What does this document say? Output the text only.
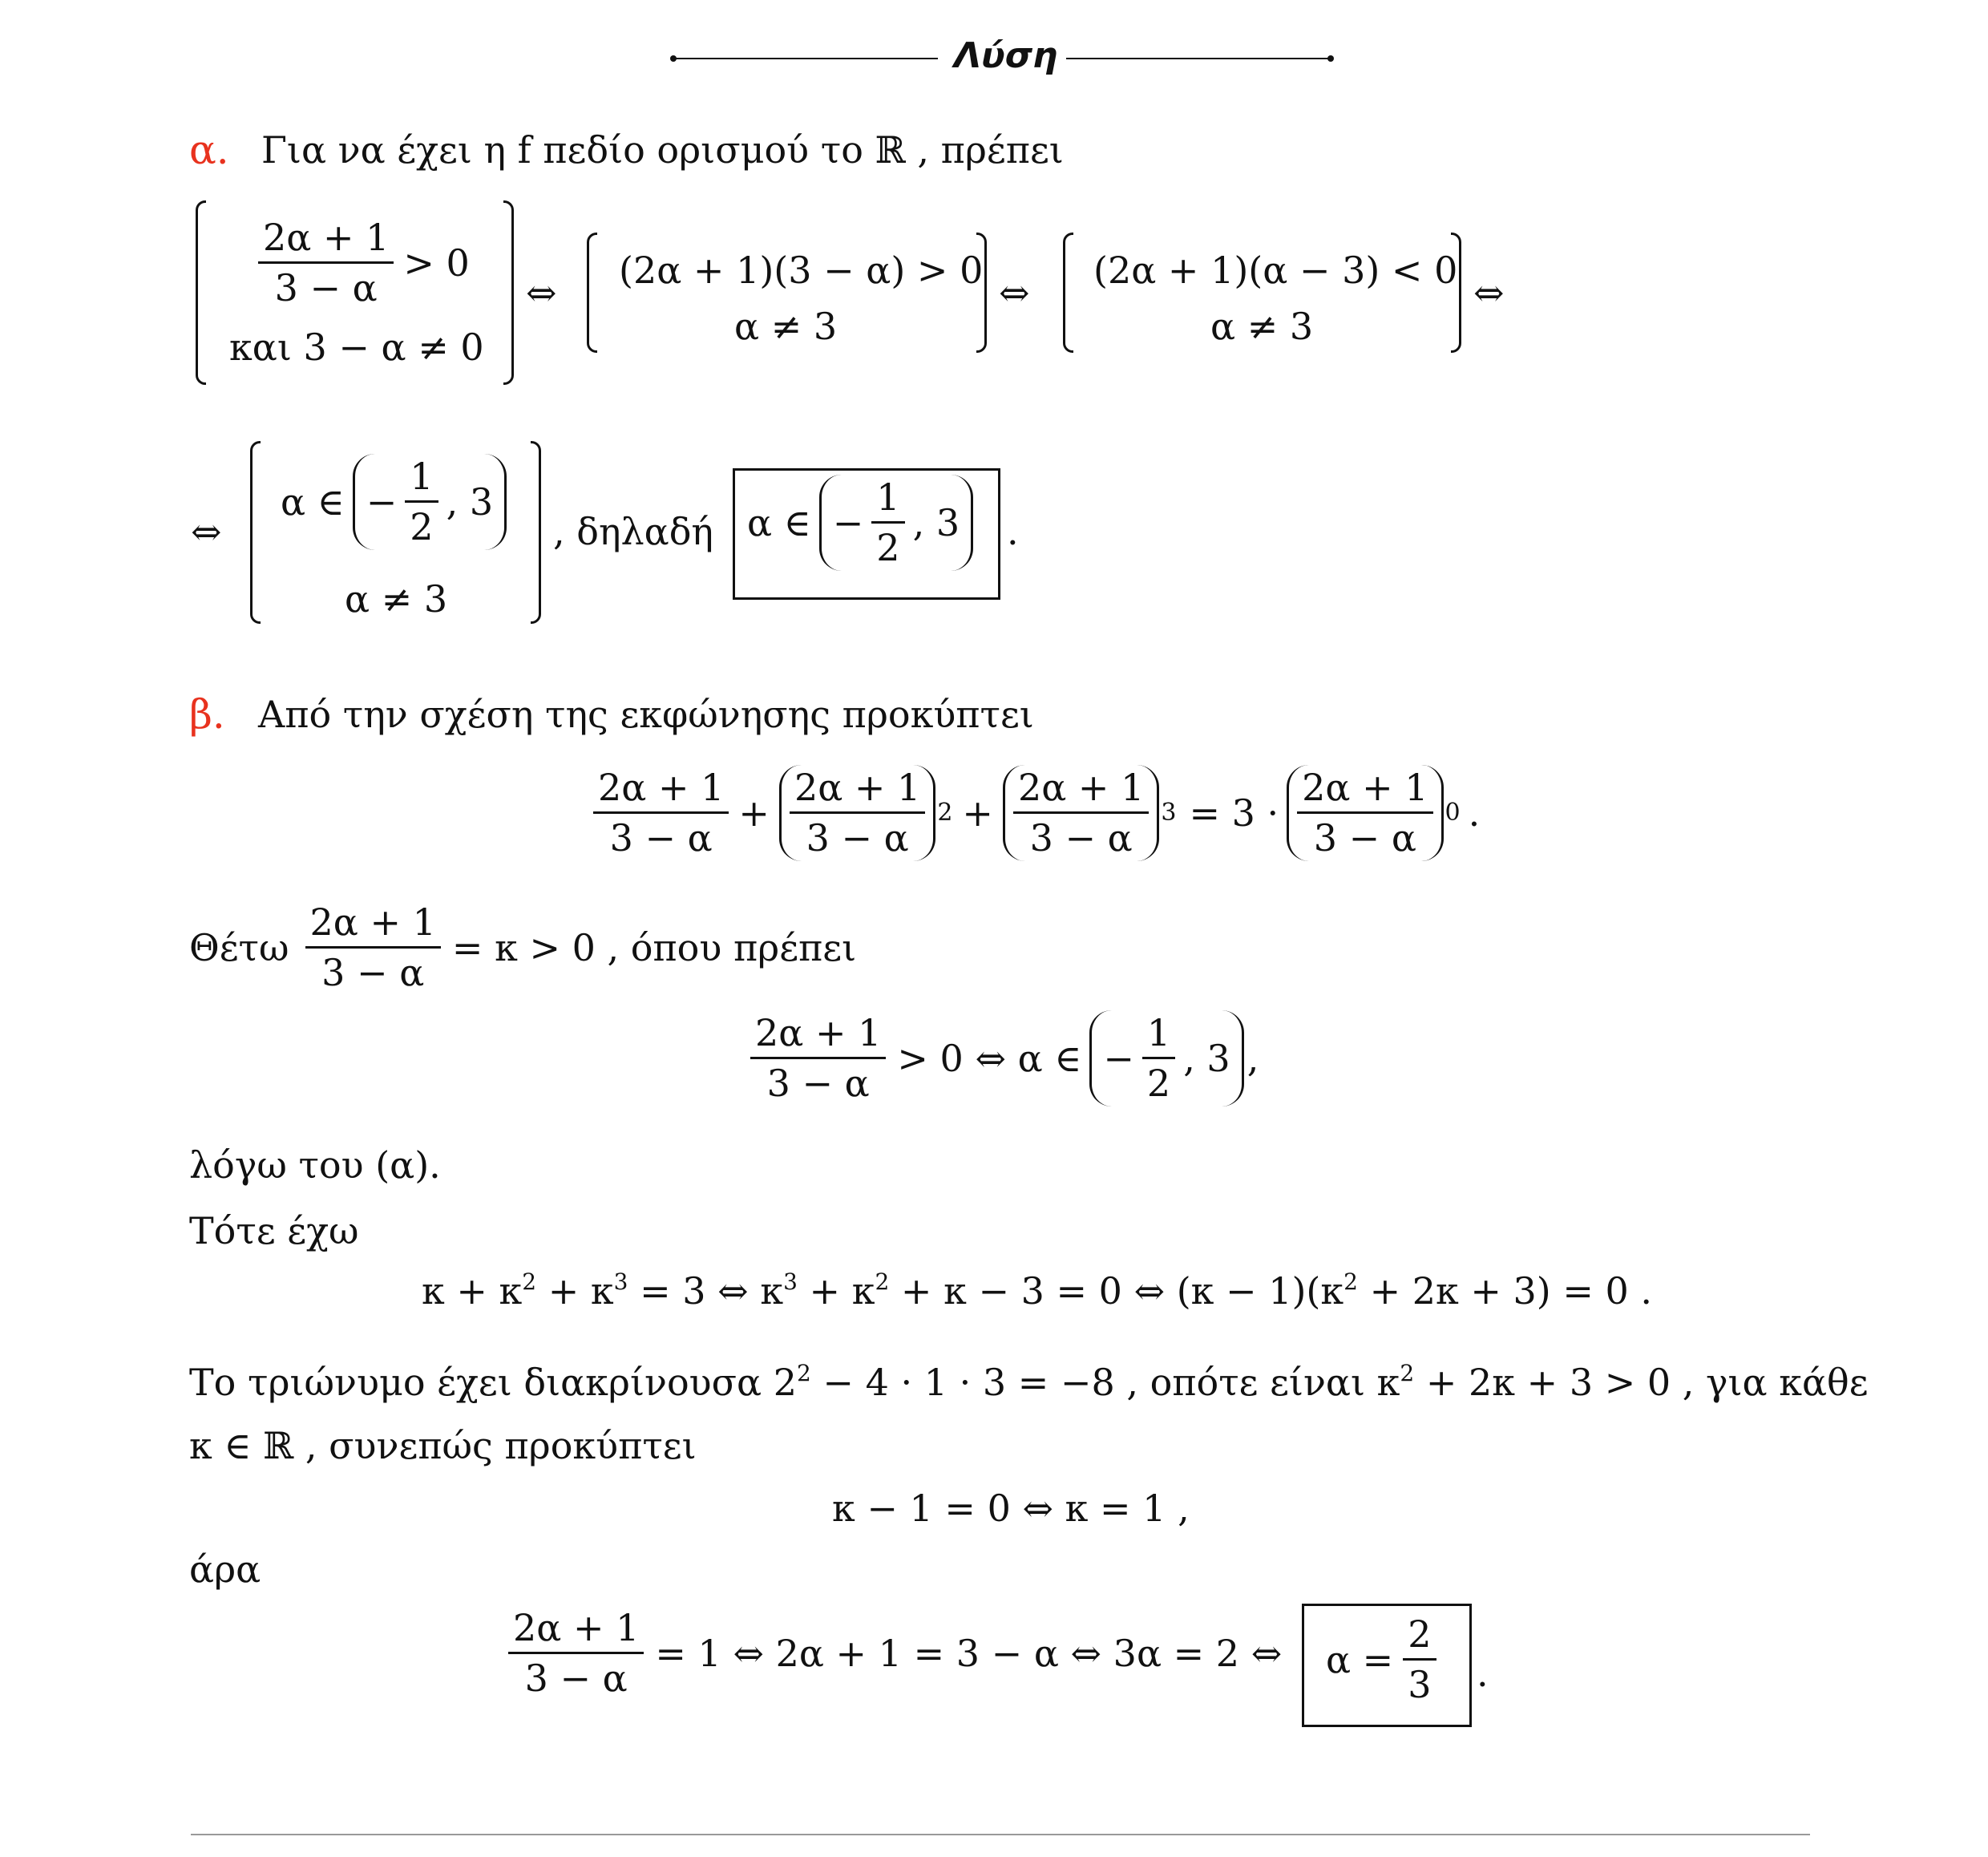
Λύση
α. Για να έχει η f πεδίο ορισμού το ℝ , πρέπει
$\frac{2\alpha + 1}{3 - \alpha} > 0$
και 3 − α ≠ 0
⇔
(2α + 1)(3 − α) > 0
α ≠ 3
⇔
(2α + 1)(α − 3) < 0
α ≠ 3
⇔
⇔
α ∈ − $\frac{1}{2}$ , 3
α ≠ 3
, δηλαδή α ∈ − $\frac{1}{2}$ , 3 .
β. Από την σχέση της εκφώνησης προκύπτει
$\frac{2\alpha + 1}{3 - \alpha} + \frac{2\alpha + 1}{3 - \alpha} 2 + \frac{2\alpha + 1}{3 - \alpha} 3 = 3 \cdot \frac{2\alpha + 1}{3 - \alpha} 0$ .
Θέτω $\frac{2\alpha + 1}{3 - \alpha} = \kappa > 0$ , όπου πρέπει
$\frac{2\alpha + 1}{3 - \alpha} > 0$ ⇔ α ∈ − $\frac{1}{2}$ , 3 ,
λόγω του (α).
Τότε έχω
$\kappa + \kappa^2 + \kappa^3 = 3$ ⇔ $\kappa^3 + \kappa^2 + \kappa - 3 = 0$ ⇔ $(\kappa - 1)(\kappa^2 + 2\kappa + 3) = 0$ .
Το τριώνυμο έχει διακρίνουσα $2^2 - 4 \cdot 1 \cdot 3 = -8$ , οπότε είναι $\kappa^2 + 2\kappa + 3 > 0$ , για κάθε
κ ∈ ℝ , συνεπώς προκύπτει
κ − 1 = 0 ⇔ κ = 1 ,
άρα
$\frac{2\alpha + 1}{3 - \alpha} = 1$ ⇔ 2α + 1 = 3 − α ⇔ 3α = 2 ⇔ $\alpha = \frac{2}{3}$ .
